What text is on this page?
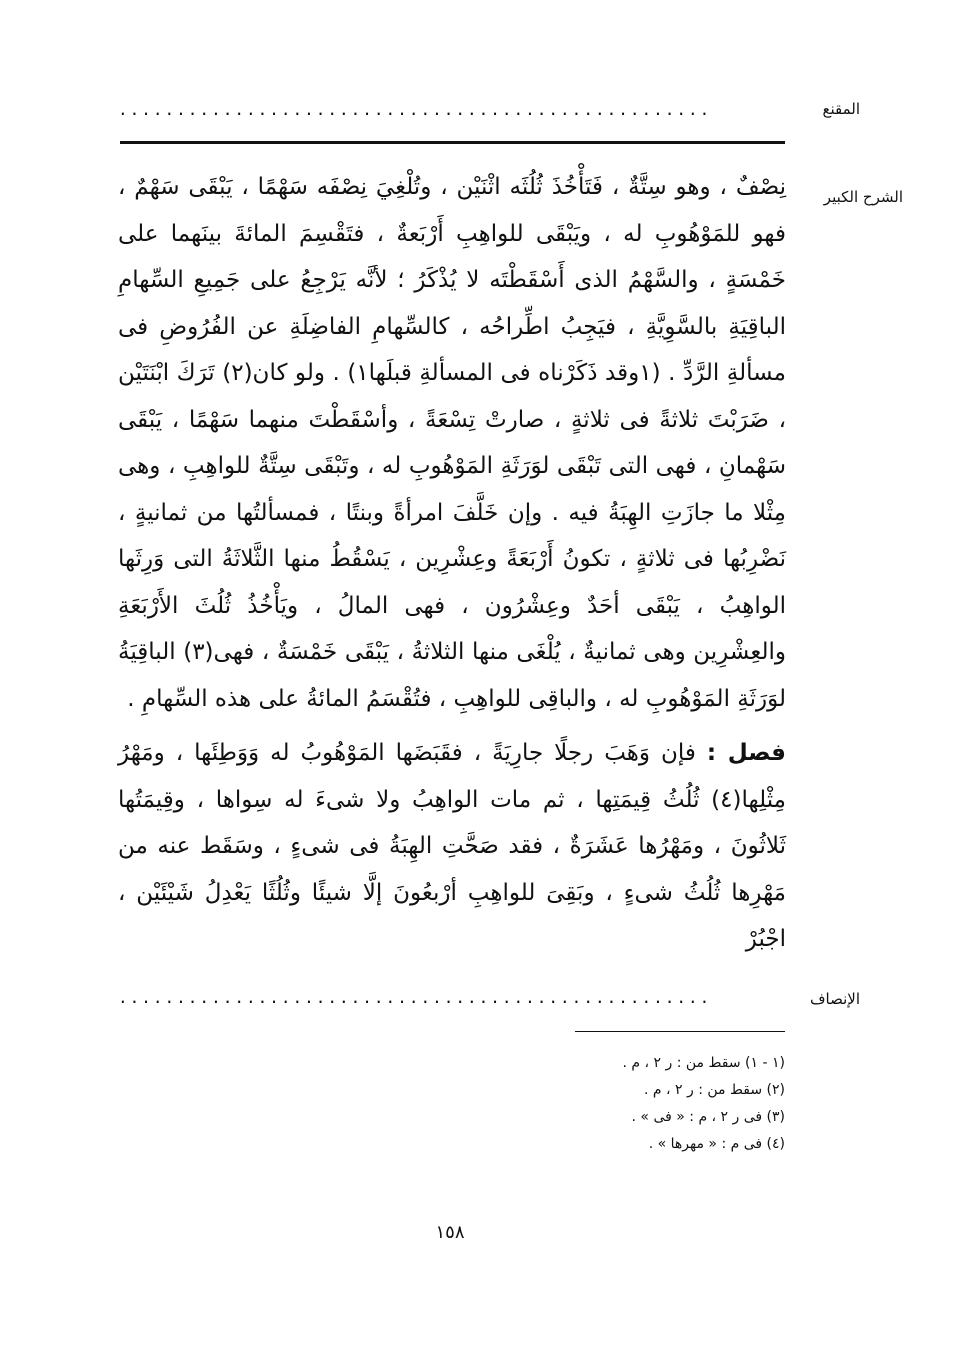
المقنع
...................................................
الشرح الكبير

نِصْفٌ ، وهو سِتَّةٌ ، فَتَأْخُذَ ثُلُثَه اثْنَيْن ، وتُلْغِيَ نِصْفَه سَهْمًا ، يَبْقَى سَهْمٌ ، فهو للمَوْهُوبِ له ، ويَبْقَى للواهِبِ أَرْبَعةٌ ، فتَقْسِمَ المائةَ بينَهما على خَمْسَةٍ ، والسَّهْمُ الذى أَسْقَطْتَه لا يُذْكَرُ ؛ لأنَّه يَرْجِعُ على جَمِيعِ السِّهامِ الباقِيَةِ بالسَّوِيَّةِ ، فيَجِبُ اطِّراحُه ، كالسِّهامِ الفاضِلَةِ عن الفُرُوضِ فى مسألةِ الرَّدِّ . (١وقد ذَكَرْناه فى المسألةِ قبلَها١) . ولو كان(٢) تَرَكَ ابْنَتَيْن ، ضَرَبْتَ ثلاثةً فى ثلاثةٍ ، صارتْ تِسْعَةً ، وأسْقَطْتَ منهما سَهْمًا ، يَبْقَى سَهْمانِ ، فهى التى تَبْقَى لوَرَثَةِ المَوْهُوبِ له ، وتَبْقَى سِتَّةٌ للواهِبِ ، وهى مِثْلا ما جازَتِ الهِبَةُ فيه . وإن خَلَّفَ امرأةً وبنتًا ، فمسألتُها من ثمانيةٍ ، نَضْرِبُها فى ثلاثةٍ ، تكونُ أَرْبَعَةً وعِشْرِين ، يَسْقُطُ منها الثَّلاثَةُ التى وَرِثَها الواهِبُ ، يَبْقَى أحَدٌ وعِشْرُون ، فهى المالُ ، ويَأْخُذُ ثُلُثَ الأَرْبَعَةِ والعِشْرِين وهى ثمانيةٌ ، يُلْغَى منها الثلاثةُ ، يَبْقَى خَمْسَةٌ ، فهى(٣) الباقِيَةُ لوَرَثَةِ المَوْهُوبِ له ، والباقِى للواهِبِ ، فتُقْسَمُ المائةُ على هذه السِّهامِ .

فصل : فإن وَهَبَ رجلًا جارِيَةً ، فقَبَضَها المَوْهُوبُ له وَوَطِئَها ، ومَهْرُ مِثْلِها(٤) ثُلُثُ قِيمَتِها ، ثم مات الواهِبُ ولا شىءَ له سِواها ، وقِيمَتُها ثَلاثُونَ ، ومَهْرُها عَشَرَةٌ ، فقد صَحَّتِ الهِبَةُ فى شىءٍ ، وسَقَط عنه من مَهْرِها ثُلُثُ شىءٍ ، وبَقِىَ للواهِبِ أرْبعُونَ إلَّا شيئًا وثُلُثًا يَعْدِلُ شَيْئَيْن ، اجْبُرْ

الإنصاف
...................................................

(١ - ١) سقط من : ر ٢ ، م .

(٢) سقط من : ر ٢ ، م .

(٣) فى ر ٢ ، م : « فى » .

(٤) فى م : « مهرها » .

١٥٨
